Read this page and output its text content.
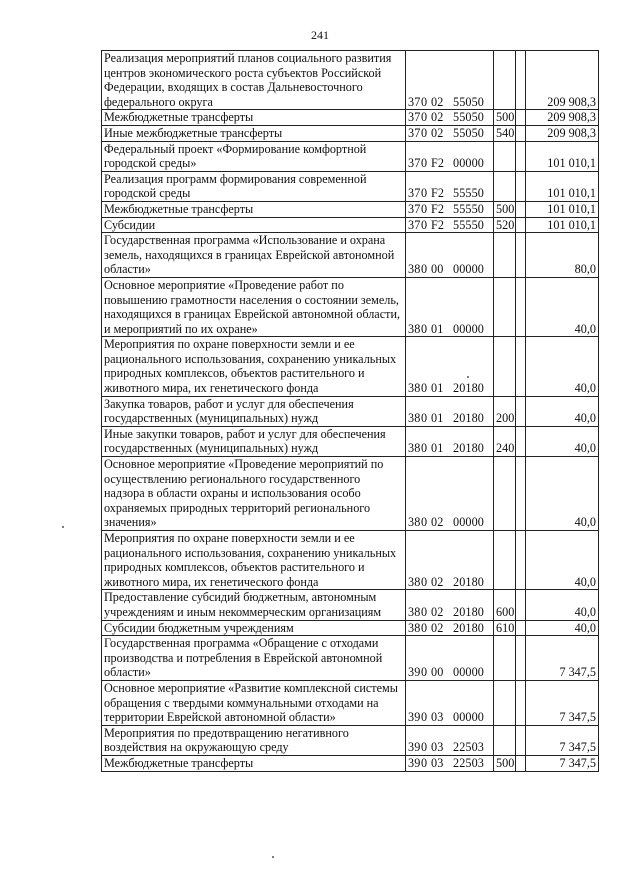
241
Реализация мероприятий планов социального развития центров экономического роста субъектов Российской Федерации, входящих в состав Дальневосточного федерального округа	370 02 55050			209 908,3
Межбюджетные трансферты	370 02 55050	500		209 908,3
Иные межбюджетные трансферты	370 02 55050	540		209 908,3
Федеральный проект «Формирование комфортной городской среды»	370 F2 00000			101 010,1
Реализация программ формирования современной городской среды	370 F2 55550			101 010,1
Межбюджетные трансферты	370 F2 55550	500		101 010,1
Субсидии	370 F2 55550	520		101 010,1
Государственная программа «Использование и охрана земель, находящихся в границах Еврейской автономной области»	380 00 00000			80,0
Основное мероприятие «Проведение работ по повышению грамотности населения о состоянии земель, находящихся в границах Еврейской автономной области, и мероприятий по их охране»	380 01 00000			40,0
Мероприятия по охране поверхности земли и ее рационального использования, сохранению уникальных природных комплексов, объектов растительного и животного мира, их генетического фонда	380 01 20180			40,0
Закупка товаров, работ и услуг для обеспечения государственных (муниципальных) нужд	380 01 20180	200		40,0
Иные закупки товаров, работ и услуг для обеспечения государственных (муниципальных) нужд	380 01 20180	240		40,0
Основное мероприятие «Проведение мероприятий по осуществлению регионального государственного надзора в области охраны и использования особо охраняемых природных территорий регионального значения»	380 02 00000			40,0
Мероприятия по охране поверхности земли и ее рационального использования, сохранению уникальных природных комплексов, объектов растительного и животного мира, их генетического фонда	380 02 20180			40,0
Предоставление субсидий бюджетным, автономным учреждениям и иным некоммерческим организациям	380 02 20180	600		40,0
Субсидии бюджетным учреждениям	380 02 20180	610		40,0
Государственная программа «Обращение с отходами производства и потребления в Еврейской автономной области»	390 00 00000			7 347,5
Основное мероприятие «Развитие комплексной системы обращения с твердыми коммунальными отходами на территории Еврейской автономной области»	390 03 00000			7 347,5
Мероприятия по предотвращению негативного воздействия на окружающую среду	390 03 22503			7 347,5
Межбюджетные трансферты	390 03 22503	500		7 347,5
